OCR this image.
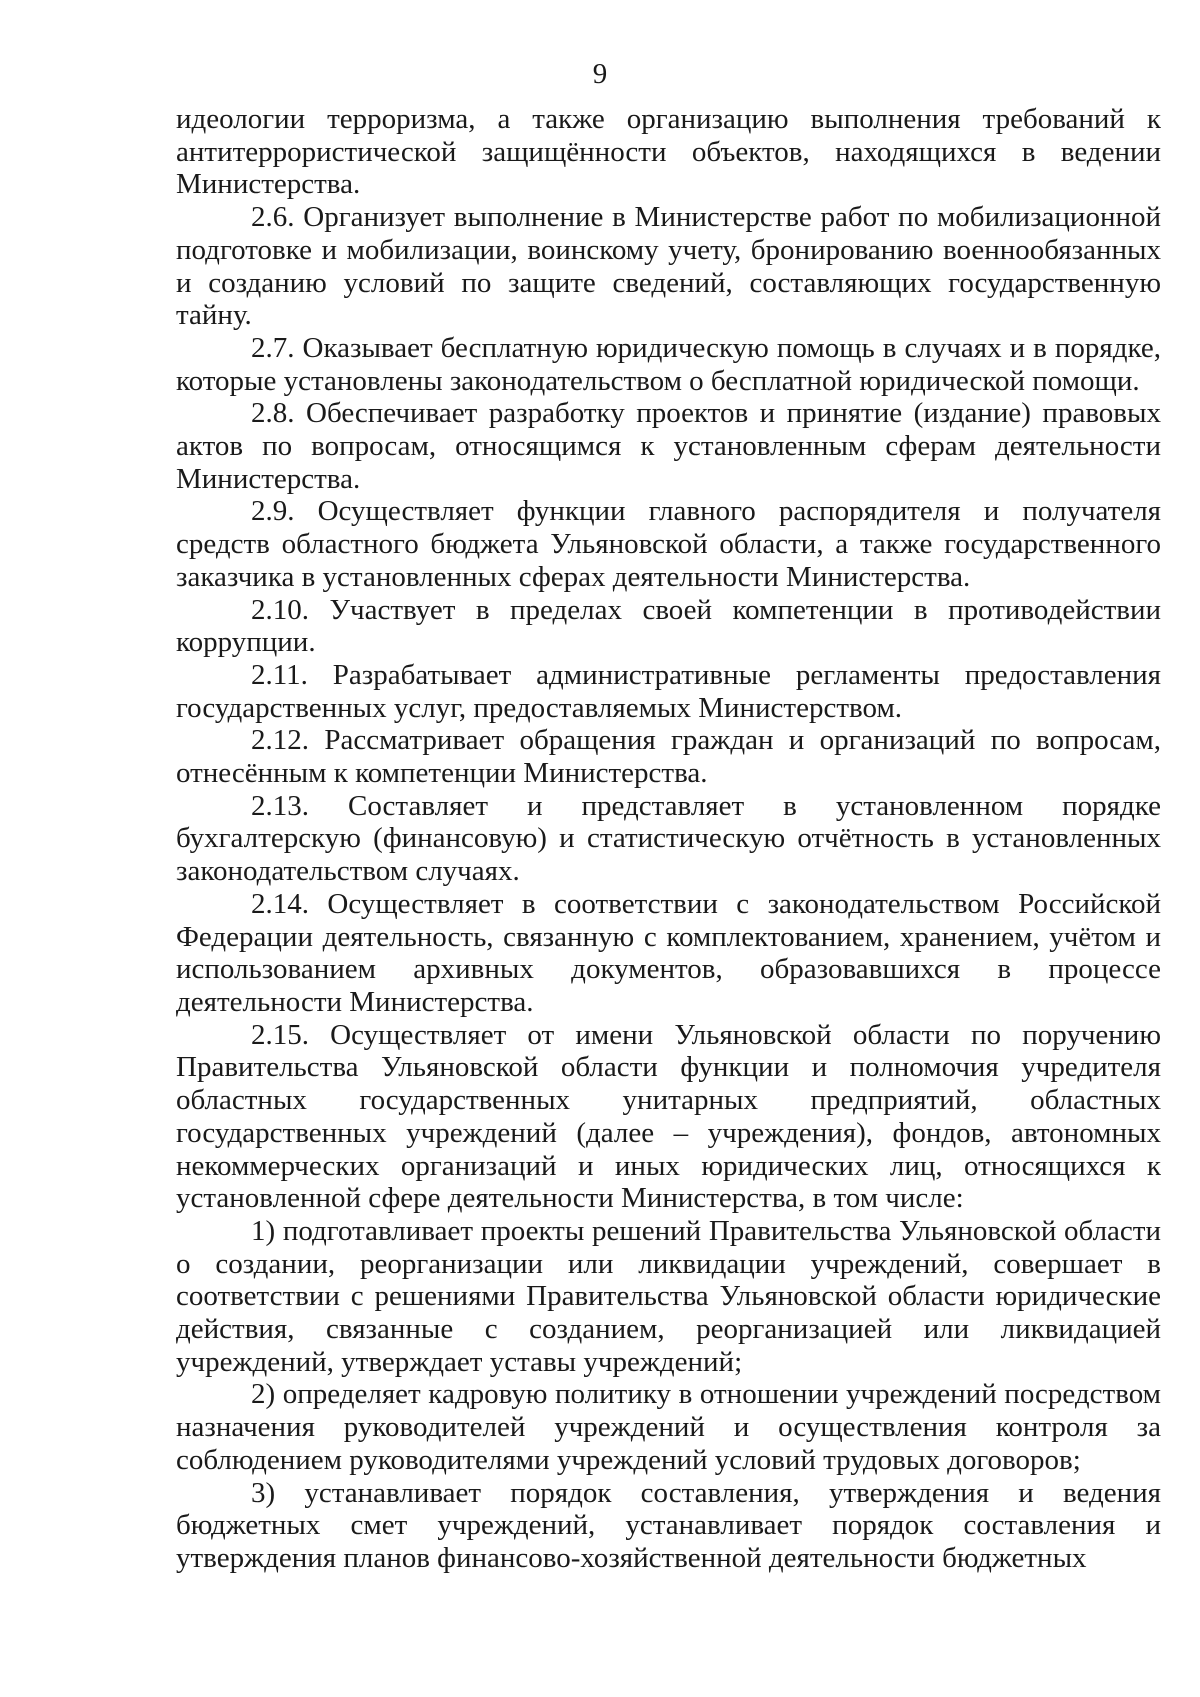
9

идеологии терроризма, а также организацию выполнения требований к антитеррористической защищённости объектов, находящихся в ведении Министерства.

2.6. Организует выполнение в Министерстве работ по мобилизационной подготовке и мобилизации, воинскому учету, бронированию военнообязанных и созданию условий по защите сведений, составляющих государственную тайну.

2.7. Оказывает бесплатную юридическую помощь в случаях и в порядке, которые установлены законодательством о бесплатной юридической помощи.

2.8. Обеспечивает разработку проектов и принятие (издание) правовых актов по вопросам, относящимся к установленным сферам деятельности Министерства.

2.9. Осуществляет функции главного распорядителя и получателя средств областного бюджета Ульяновской области, а также государственного заказчика в установленных сферах деятельности Министерства.

2.10. Участвует в пределах своей компетенции в противодействии коррупции.

2.11. Разрабатывает административные регламенты предоставления государственных услуг, предоставляемых Министерством.

2.12. Рассматривает обращения граждан и организаций по вопросам, отнесённым к компетенции Министерства.

2.13. Составляет и представляет в установленном порядке бухгалтерскую (финансовую) и статистическую отчётность в установленных законодательством случаях.

2.14. Осуществляет в соответствии с законодательством Российской Федерации деятельность, связанную с комплектованием, хранением, учётом и использованием архивных документов, образовавшихся в процессе деятельности Министерства.

2.15. Осуществляет от имени Ульяновской области по поручению Правительства Ульяновской области функции и полномочия учредителя областных государственных унитарных предприятий, областных государственных учреждений (далее – учреждения), фондов, автономных некоммерческих организаций и иных юридических лиц, относящихся к установленной сфере деятельности Министерства, в том числе:

1) подготавливает проекты решений Правительства Ульяновской области о создании, реорганизации или ликвидации учреждений, совершает в соответствии с решениями Правительства Ульяновской области юридические действия, связанные с созданием, реорганизацией или ликвидацией учреждений, утверждает уставы учреждений;

2) определяет кадровую политику в отношении учреждений посредством назначения руководителей учреждений и осуществления контроля за соблюдением руководителями учреждений условий трудовых договоров;

3) устанавливает порядок составления, утверждения и ведения бюджетных смет учреждений, устанавливает порядок составления и утверждения планов финансово-хозяйственной деятельности бюджетных
